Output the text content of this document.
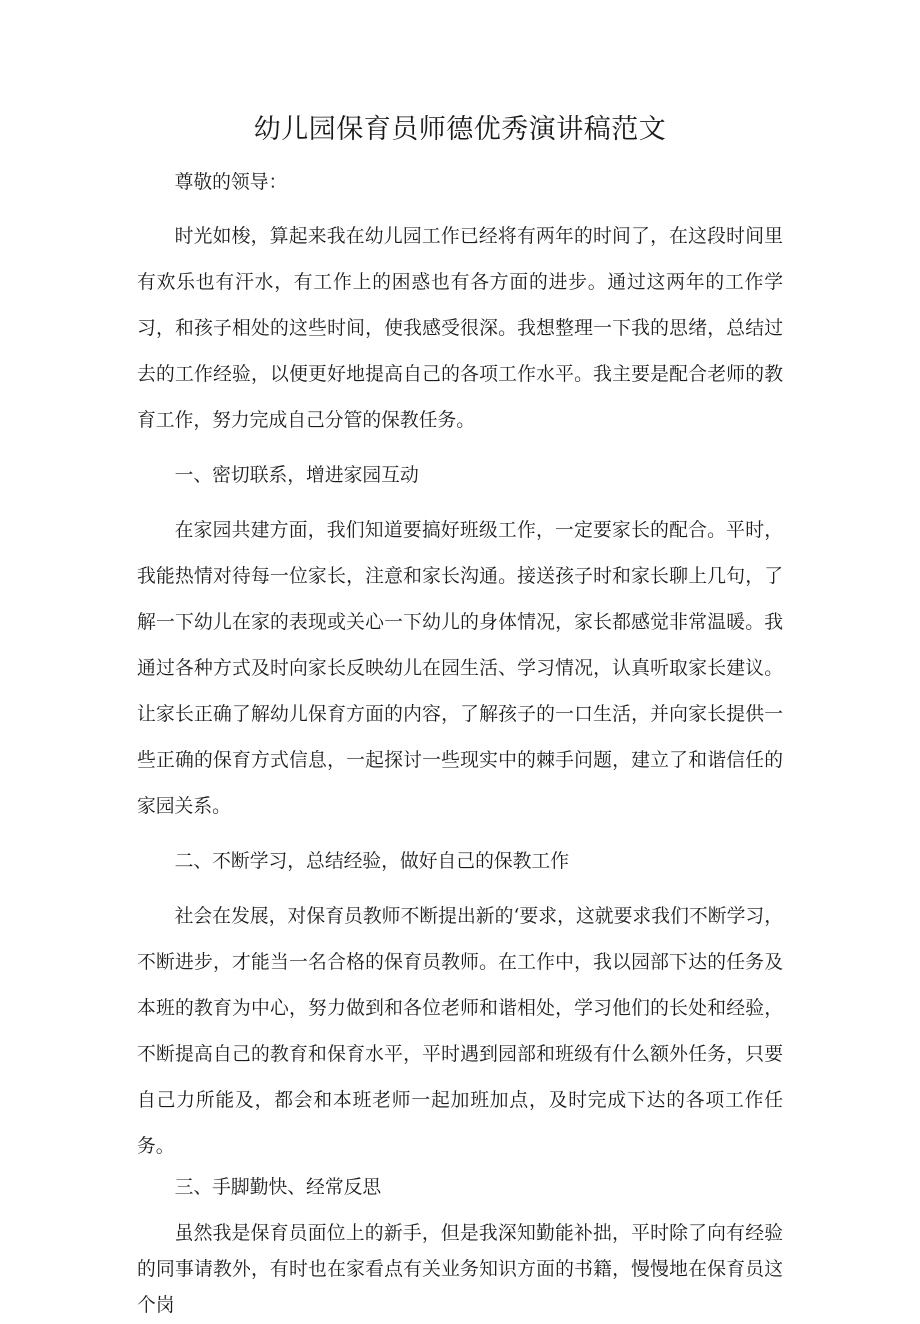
幼儿园保育员师德优秀演讲稿范文

尊敬的领导：

时光如梭，算起来我在幼儿园工作已经将有两年的时间了，在这段时间里有欢乐也有汗水，有工作上的困惑也有各方面的进步。通过这两年的工作学习，和孩子相处的这些时间，使我感受很深。我想整理一下我的思绪，总结过去的工作经验，以便更好地提高自己的各项工作水平。我主要是配合老师的教育工作，努力完成自己分管的保教任务。

一、密切联系，增进家园互动

在家园共建方面，我们知道要搞好班级工作，一定要家长的配合。平时，我能热情对待每一位家长，注意和家长沟通。接送孩子时和家长聊上几句，了解一下幼儿在家的表现或关心一下幼儿的身体情况，家长都感觉非常温暖。我通过各种方式及时向家长反映幼儿在园生活、学习情况，认真听取家长建议。让家长正确了解幼儿保育方面的内容，了解孩子的一口生活，并向家长提供一些正确的保育方式信息，一起探讨一些现实中的棘手问题，建立了和谐信任的家园关系。

二、不断学习，总结经验，做好自己的保教工作

社会在发展，对保育员教师不断提出新的‘要求，这就要求我们不断学习，不断进步，才能当一名合格的保育员教师。在工作中，我以园部下达的任务及本班的教育为中心，努力做到和各位老师和谐相处，学习他们的长处和经验，不断提高自己的教育和保育水平，平时遇到园部和班级有什么额外任务，只要自己力所能及，都会和本班老师一起加班加点，及时完成下达的各项工作任务。

三、手脚勤快、经常反思

虽然我是保育员面位上的新手，但是我深知勤能补拙，平时除了向有经验的同事请教外，有时也在家看点有关业务知识方面的书籍，慢慢地在保育员这个岗
